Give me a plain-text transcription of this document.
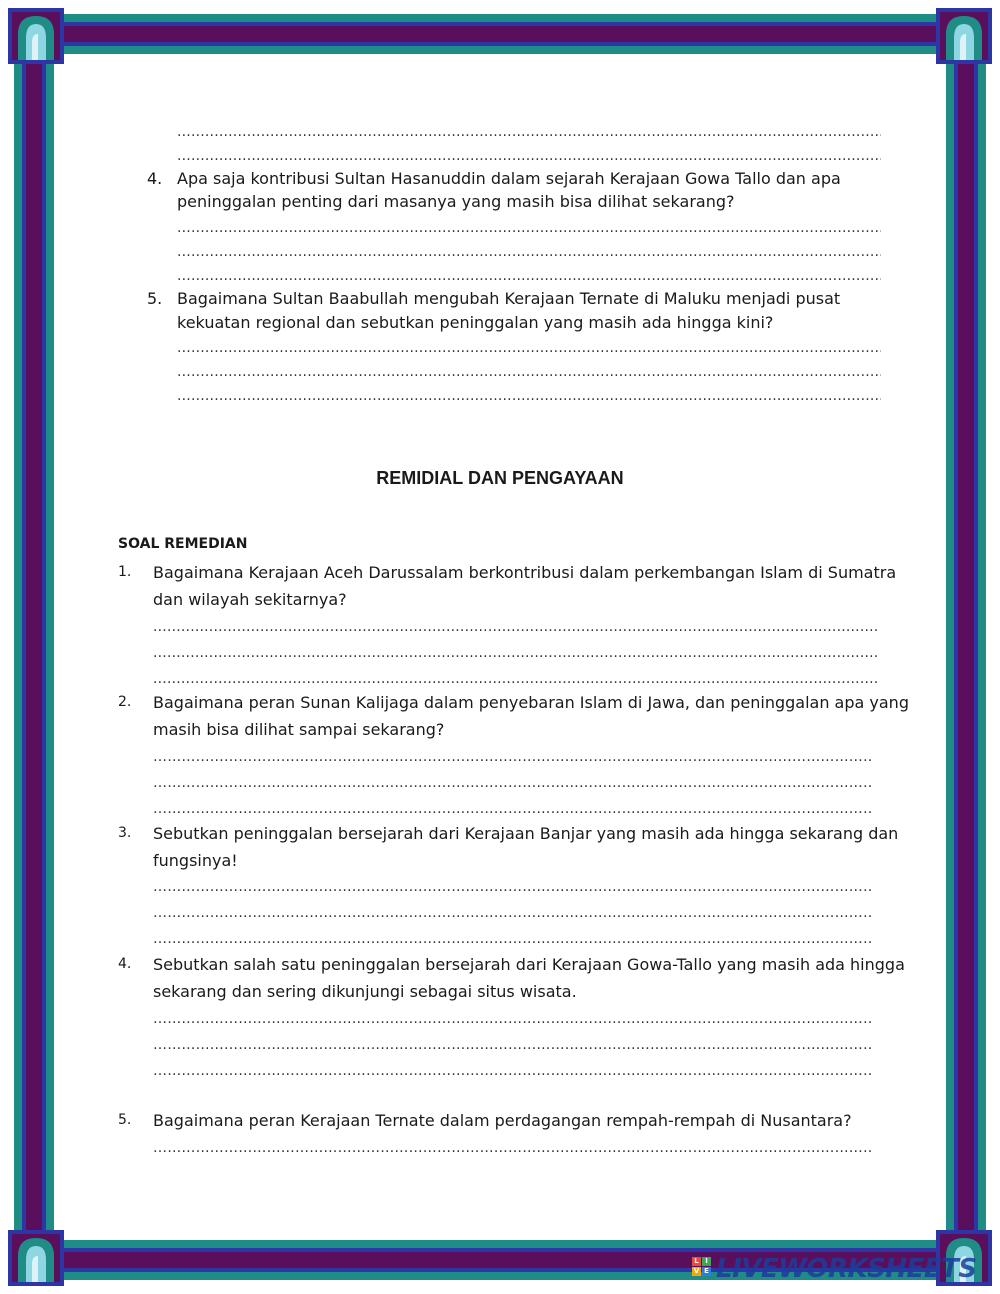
.....
.....
4. Apa saja kontribusi Sultan Hasanuddin dalam sejarah Kerajaan Gowa Tallo dan apa
peninggalan penting dari masanya yang masih bisa dilihat sekarang?
.....
.....
.....
5. Bagaimana Sultan Baabullah mengubah Kerajaan Ternate di Maluku menjadi pusat
kekuatan regional dan sebutkan peninggalan yang masih ada hingga kini?
.....
.....
.....
REMIDIAL DAN PENGAYAAN
SOAL REMEDIAN
1. Bagaimana Kerajaan Aceh Darussalam berkontribusi dalam perkembangan Islam di Sumatra
dan wilayah sekitarnya?
.....
.....
.....
2. Bagaimana peran Sunan Kalijaga dalam penyebaran Islam di Jawa, dan peninggalan apa yang
masih bisa dilihat sampai sekarang?
…………………………………………………………………………………………………………………………………………………………………………………………………………………………………………
…………………………………………………………………………………………………………………………………………………………………………………………………………………………………………
…………………………………………………………………………………………………………………………………………………………………………………………………………………………………………
3. Sebutkan peninggalan bersejarah dari Kerajaan Banjar yang masih ada hingga sekarang dan
fungsinya!
…………………………………………………………………………………………………………………………………………………………………………………………………………………………………………
…………………………………………………………………………………………………………………………………………………………………………………………………………………………………………
…………………………………………………………………………………………………………………………………………………………………………………………………………………………………………
4. Sebutkan salah satu peninggalan bersejarah dari Kerajaan Gowa-Tallo yang masih ada hingga
sekarang dan sering dikunjungi sebagai situs wisata.
…………………………………………………………………………………………………………………………………………………………………………………………………………………………………………
…………………………………………………………………………………………………………………………………………………………………………………………………………………………………………
…………………………………………………………………………………………………………………………………………………………………………………………………………………………………………
5. Bagaimana peran Kerajaan Ternate dalam perdagangan rempah-rempah di Nusantara?
…………………………………………………………………………………………………………………………………………………………………………………………………………………………………………
L I
V E LIVEWORKSHEETS
